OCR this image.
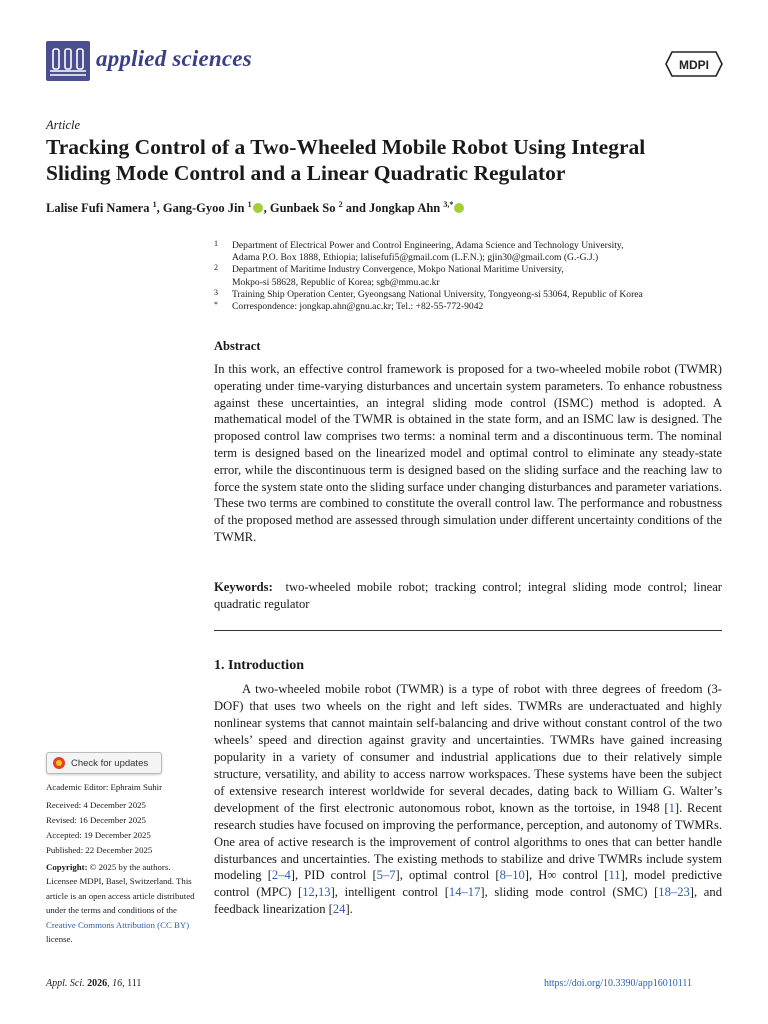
applied sciences	MDPI
Article
Tracking Control of a Two-Wheeled Mobile Robot Using Integral
Sliding Mode Control and a Linear Quadratic Regulator
Lalise Fufi Namera $^1$, Gang-Gyoo Jin $^1$ , Gunbaek So $^2$ and Jongkap Ahn $^{3,*}$
1 Department of Electrical Power and Control Engineering, Adama Science and Technology University,
Adama P.O. Box 1888, Ethiopia; lalisefufi5@gmail.com (L.F.N.); gjin30@gmail.com (G.-G.J.)
2 Department of Maritime Industry Convergence, Mokpo National Maritime University,
Mokpo-si 58628, Republic of Korea; sgb@mmu.ac.kr
3 Training Ship Operation Center, Gyeongsang National University, Tongyeong-si 53064, Republic of Korea
* Correspondence: jongkap.ahn@gnu.ac.kr; Tel.: +82-55-772-9042
Abstract
In this work, an effective control framework is proposed for a two-wheeled mobile robot (TWMR) operating under time-varying disturbances and uncertain system parameters. To enhance robustness against these uncertainties, an integral sliding mode control (ISMC) method is adopted. A mathematical model of the TWMR is obtained in the state form, and an ISMC law is designed. The proposed control law comprises two terms: a nominal term and a discontinuous term. The nominal term is designed based on the linearized model and optimal control to eliminate any steady-state error, while the discontinuous term is designed based on the sliding surface and the reaching law to force the system state onto the sliding surface under changing disturbances and parameter variations. These two terms are combined to constitute the overall control law. The performance and robustness of the proposed method are assessed through simulation under different uncertainty conditions of the TWMR.
Keywords: two-wheeled mobile robot; tracking control; integral sliding mode control; linear quadratic regulator
1. Introduction
A two-wheeled mobile robot (TWMR) is a type of robot with three degrees of freedom (3-DOF) that uses two wheels on the right and left sides. TWMRs are underactuated and highly nonlinear systems that cannot maintain self-balancing and drive without constant control of the two wheels’ speed and direction against gravity and uncertainties. TWMRs have gained increasing popularity in a variety of consumer and industrial applications due to their relatively simple structure, versatility, and ability to access narrow workspaces. These systems have been the subject of extensive research interest worldwide for several decades, dating back to William G. Walter’s development of the first electronic autonomous robot, known as the tortoise, in 1948 [1]. Recent research studies have focused on improving the performance, perception, and autonomy of TWMRs. One area of active research is the improvement of control algorithms to ones that can better handle disturbances and uncertainties. The existing methods to stabilize and drive TWMRs include system modeling [2–4], PID control [5–7], optimal control [8–10], H∞ control [11], model predictive control (MPC) [12,13], intelligent control [14–17], sliding mode control (SMC) [18–23], and feedback linearization [24].
Check for updates
Academic Editor: Ephraim Suhir
Received: 4 December 2025
Revised: 16 December 2025
Accepted: 19 December 2025
Published: 22 December 2025
Copyright: © 2025 by the authors. Licensee MDPI, Basel, Switzerland. This article is an open access article distributed under the terms and conditions of the Creative Commons Attribution (CC BY) license.
Appl. Sci. 2026, 16, 111	https://doi.org/10.3390/app16010111
